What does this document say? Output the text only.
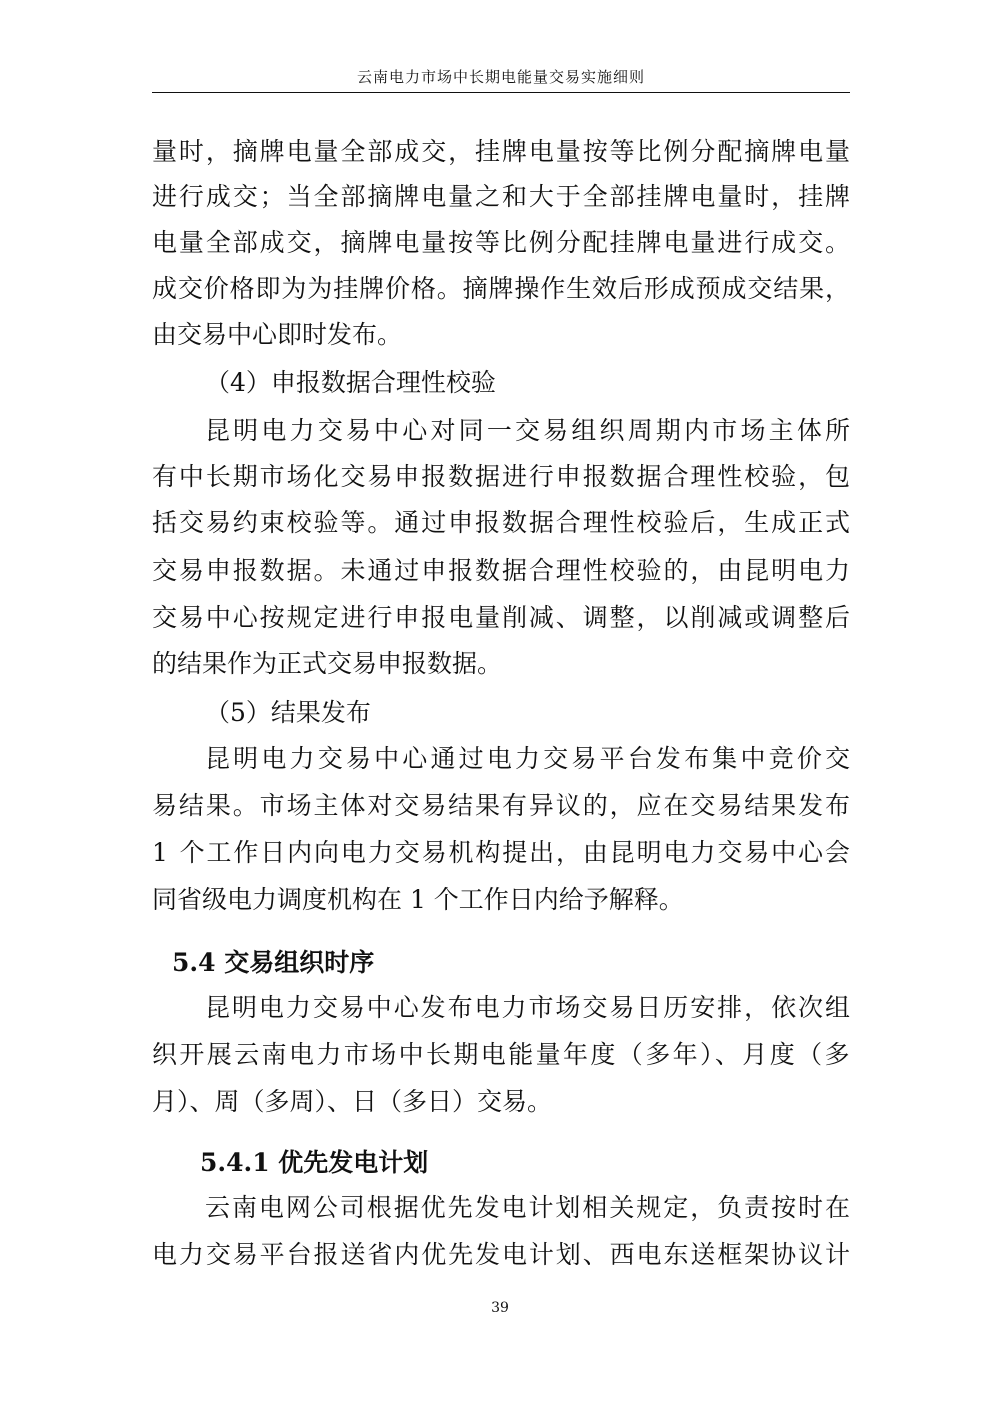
云南电力市场中长期电能量交易实施细则
量时，摘牌电量全部成交，挂牌电量按等比例分配摘牌电量
进行成交；当全部摘牌电量之和大于全部挂牌电量时，挂牌
电量全部成交，摘牌电量按等比例分配挂牌电量进行成交。
成交价格即为为挂牌价格。摘牌操作生效后形成预成交结果，
由交易中心即时发布。
（4）申报数据合理性校验
昆明电力交易中心对同一交易组织周期内市场主体所
有中长期市场化交易申报数据进行申报数据合理性校验，包
括交易约束校验等。通过申报数据合理性校验后，生成正式
交易申报数据。未通过申报数据合理性校验的，由昆明电力
交易中心按规定进行申报电量削减、调整，以削减或调整后
的结果作为正式交易申报数据。
（5）结果发布
昆明电力交易中心通过电力交易平台发布集中竞价交
易结果。市场主体对交易结果有异议的，应在交易结果发布
1 个工作日内向电力交易机构提出，由昆明电力交易中心会
同省级电力调度机构在 1 个工作日内给予解释。
5.4 交易组织时序
昆明电力交易中心发布电力市场交易日历安排，依次组
织开展云南电力市场中长期电能量年度（多年）、月度（多
月）、周（多周）、日（多日）交易。
5.4.1 优先发电计划
云南电网公司根据优先发电计划相关规定，负责按时在
电力交易平台报送省内优先发电计划、西电东送框架协议计
39
